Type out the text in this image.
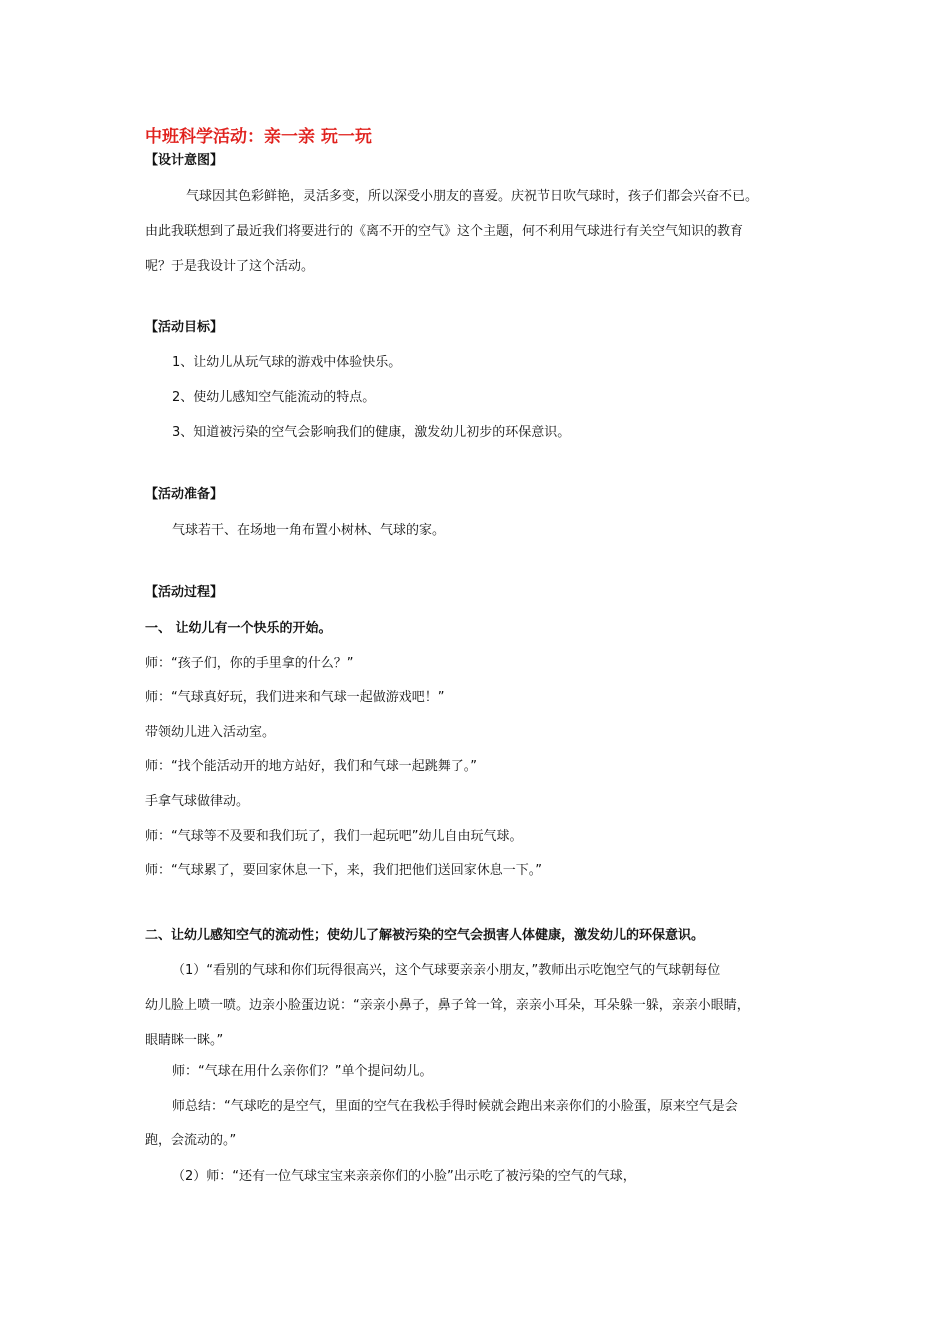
中班科学活动：亲一亲 玩一玩

【设计意图】

气球因其色彩鲜艳，灵活多变，所以深受小朋友的喜爱。庆祝节日吹气球时，孩子们都会兴奋不已。

由此我联想到了最近我们将要进行的《离不开的空气》这个主题，何不利用气球进行有关空气知识的教育

呢？于是我设计了这个活动。

【活动目标】

1、让幼儿从玩气球的游戏中体验快乐。

2、使幼儿感知空气能流动的特点。

3、知道被污染的空气会影响我们的健康，激发幼儿初步的环保意识。

【活动准备】

气球若干、在场地一角布置小树林、气球的家。

【活动过程】

一、 让幼儿有一个快乐的开始。

师：“孩子们，你的手里拿的什么？”

师：“气球真好玩，我们进来和气球一起做游戏吧！”

带领幼儿进入活动室。

师：“找个能活动开的地方站好，我们和气球一起跳舞了。”

手拿气球做律动。

师：“气球等不及要和我们玩了，我们一起玩吧”幼儿自由玩气球。

师：“气球累了，要回家休息一下，来，我们把他们送回家休息一下。”

二、让幼儿感知空气的流动性；使幼儿了解被污染的空气会损害人体健康，激发幼儿的环保意识。

（1）“看别的气球和你们玩得很高兴，这个气球要亲亲小朋友，”教师出示吃饱空气的气球朝每位

幼儿脸上喷一喷。边亲小脸蛋边说：“亲亲小鼻子，鼻子耸一耸，亲亲小耳朵，耳朵躲一躲，亲亲小眼睛，

眼睛眯一眯。”

师：“气球在用什么亲你们？”单个提问幼儿。

师总结：“气球吃的是空气，里面的空气在我松手得时候就会跑出来亲你们的小脸蛋，原来空气是会

跑，会流动的。”

（2）师：“还有一位气球宝宝来亲亲你们的小脸”出示吃了被污染的空气的气球，
